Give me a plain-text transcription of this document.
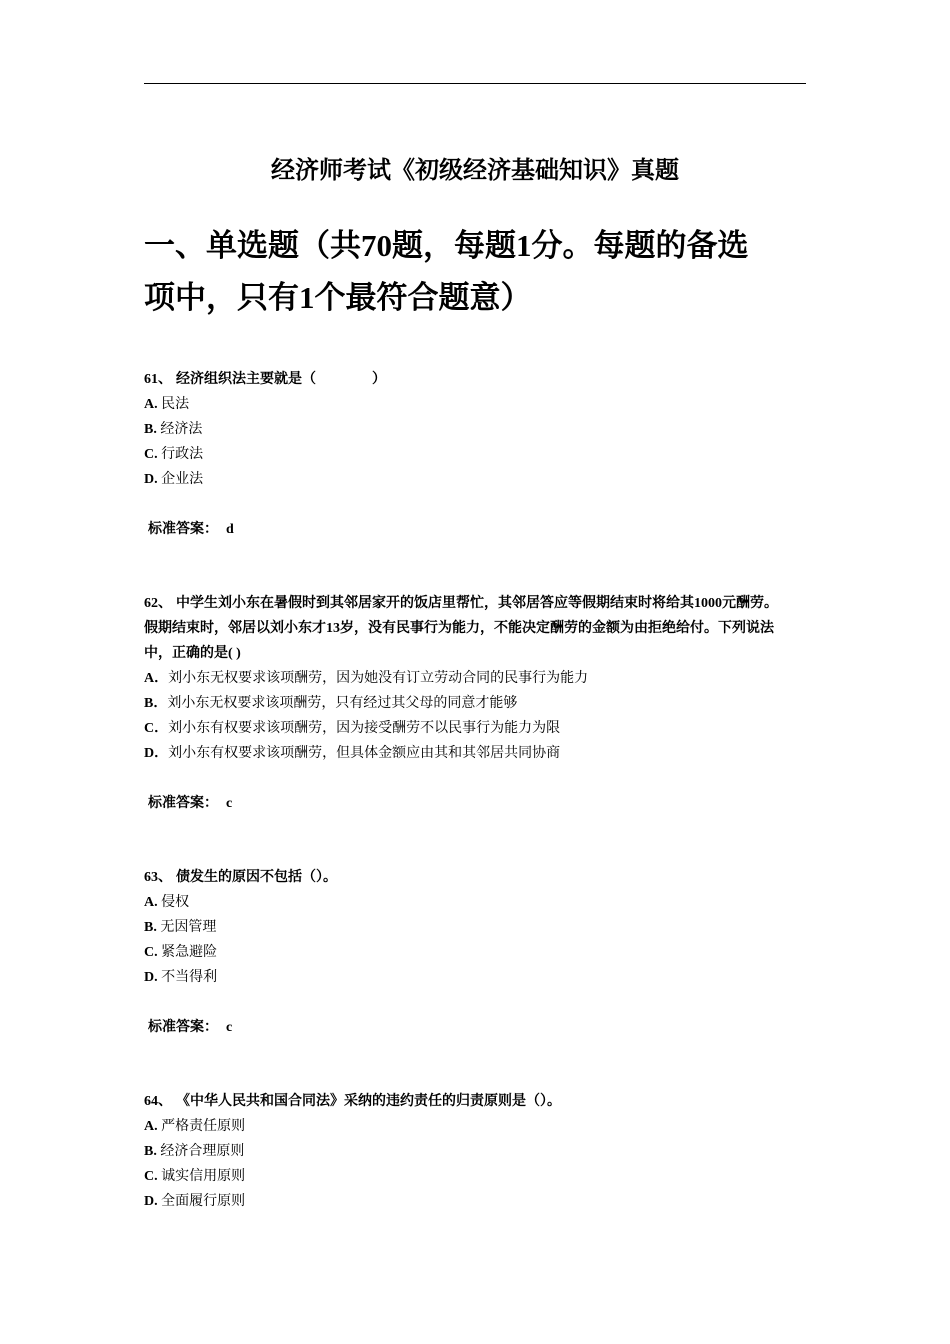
经济师考试《初级经济基础知识》真题
一、单选题（共70题，每题1分。每题的备选
项中，只有1个最符合题意）
61、 经济组织法主要就是（　　　　）
A. 民法
B. 经济法
C. 行政法
D. 企业法
标准答案： d
62、 中学生刘小东在暑假时到其邻居家开的饭店里帮忙，其邻居答应等假期结束时将给其1000元酬劳。
假期结束时，邻居以刘小东才13岁，没有民事行为能力，不能决定酬劳的金额为由拒绝给付。下列说法
中，正确的是( )
A．刘小东无权要求该项酬劳，因为她没有订立劳动合同的民事行为能力
B．刘小东无权要求该项酬劳，只有经过其父母的同意才能够
C．刘小东有权要求该项酬劳，因为接受酬劳不以民事行为能力为限
D．刘小东有权要求该项酬劳，但具体金额应由其和其邻居共同协商
标准答案： c
63、 债发生的原因不包括（）。
A. 侵权
B. 无因管理
C. 紧急避险
D. 不当得利
标准答案： c
64、 《中华人民共和国合同法》采纳的违约责任的归责原则是（）。
A. 严格责任原则
B. 经济合理原则
C. 诚实信用原则
D. 全面履行原则
